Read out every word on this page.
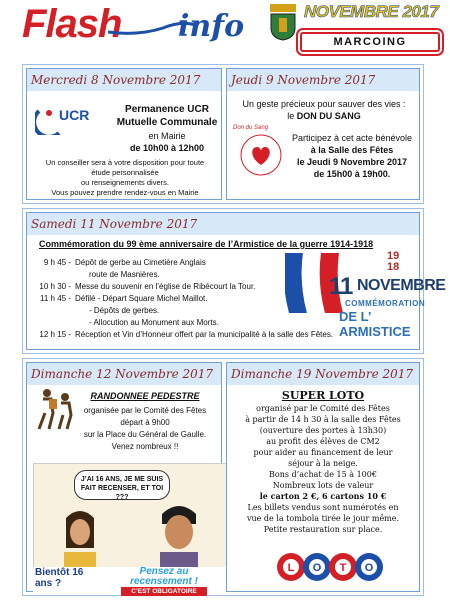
Flash info	NOVEMBRE 2017
MARCOING
Mercredi 8 Novembre 2017
UCR	Permanence UCR
Mutuelle Communale
en Mairie
de 10h00 à 12h00
Un conseiller sera à votre disposition pour toute
étude personnalisée
ou renseignements divers.
Vous pouvez prendre rendez-vous en Mairie
Jeudi 9 Novembre 2017
Un geste précieux pour sauver des vies :
le DON DU SANG
Don du Sang
Participez à cet acte bénévole
à la Salle des Fêtes
le Jeudi 9 Novembre 2017
de 15h00 à 19h00.
Samedi 11 Novembre 2017
Commémoration du 99 ème anniversaire de l’Armistice de la guerre 1914-1918
9 h 45 - Dépôt de gerbe au Cimetière Anglais
route de Masnières.
10 h 30 - Messe du souvenir en l’église de Ribécourt la Tour.
11 h 45 - Défilé - Départ Square Michel Maillot.
- Dépôts de gerbes.
- Allocution au Monument aux Morts.
12 h 15 - Réception et Vin d’Honneur offert par la municipalité à la salle des Fêtes.
19
18
11 NOVEMBRE
COMMÉMORATION
DE L’ ARMISTICE
Dimanche 12 Novembre 2017
RANDONNEE PEDESTRE
organisée par le Comité des Fêtes
départ à 9h00
sur la Place du Général de Gaulle.
Venez nombreux !!
J’AI 16 ANS, JE ME SUIS FAIT RECENSER, ET TOI ???
Bientôt 16 ans ?
Pensez au recensement !
C’EST OBLIGATOIRE
Dimanche 19 Novembre 2017
SUPER LOTO
organisé par le Comité des Fêtes
à partir de 14 h 30 à la salle des Fêtes
(ouverture des portes à 13h30)
au profit des élèves de CM2
pour aider au financement de leur
séjour à la neige.
Bons d’achat de 15 à 100€
Nombreux lots de valeur
le carton 2 €, 6 cartons 10 €
Les billets vendus sont numérotés en
vue de la tombola tirée le jour même.
Petite restauration sur place.
L O T O
